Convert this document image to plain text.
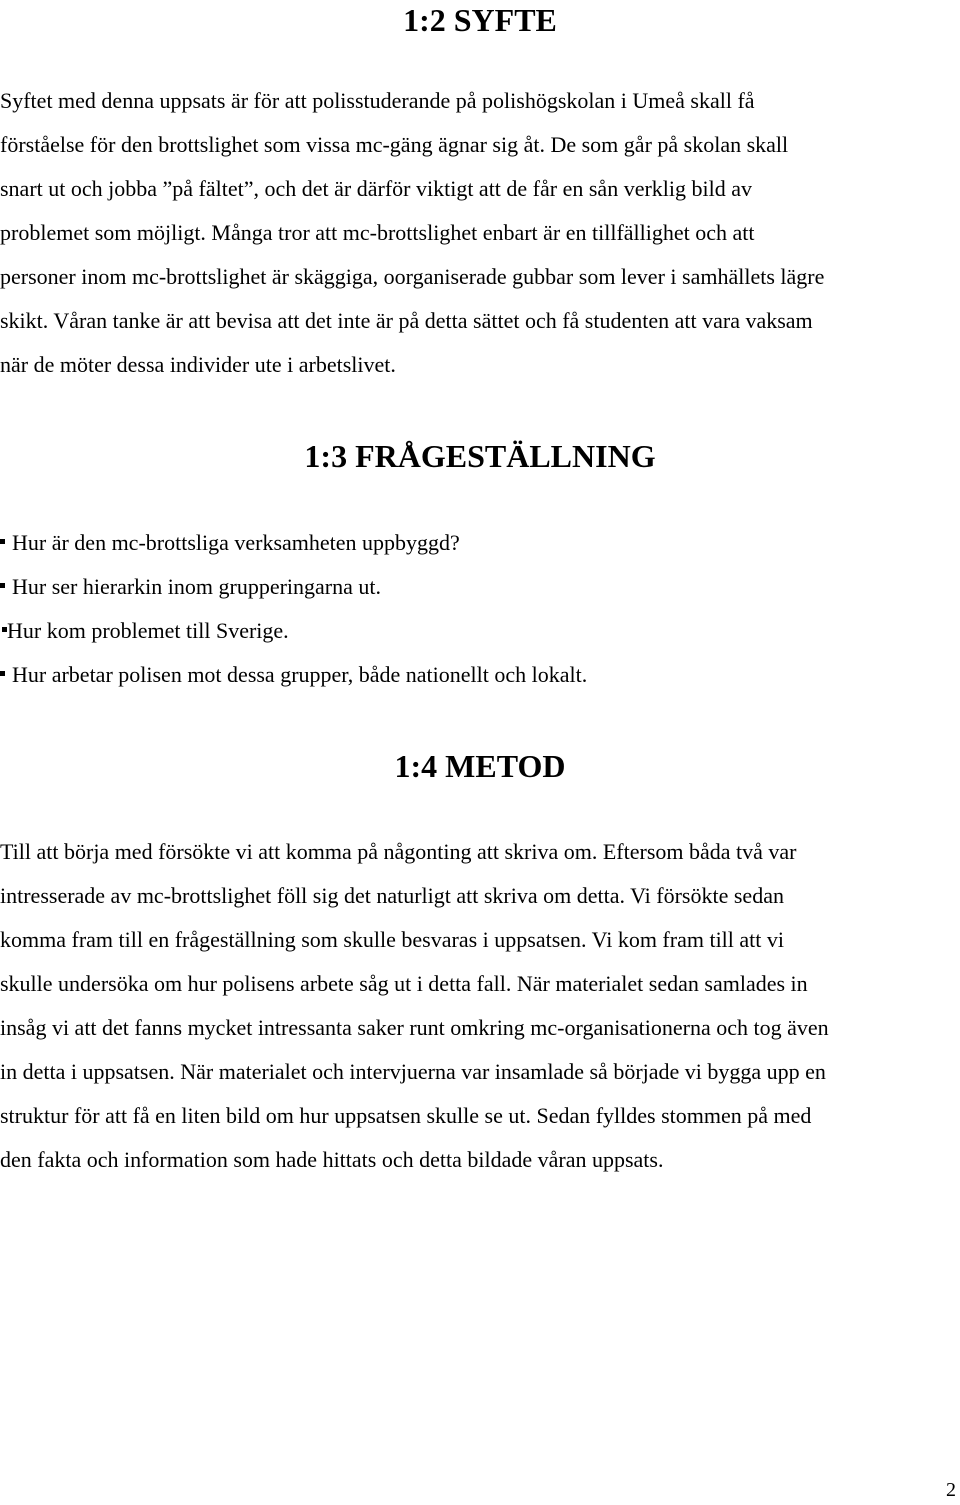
1:2 SYFTE
Syftet med denna uppsats är för att polisstuderande på polishögskolan i Umeå skall få
förståelse för den brottslighet som vissa mc-gäng ägnar sig åt. De som går på skolan skall
snart ut och jobba ”på fältet”, och det är därför viktigt att de får en sån verklig bild av
problemet som möjligt. Många tror att mc-brottslighet enbart är en tillfällighet och att
personer inom mc-brottslighet är skäggiga, oorganiserade gubbar som lever i samhällets lägre
skikt. Våran tanke är att bevisa att det inte är på detta sättet och få studenten att vara vaksam
när de möter dessa individer ute i arbetslivet.
1:3 FRÅGESTÄLLNING
Hur är den mc-brottsliga verksamheten uppbyggd?
Hur ser hierarkin inom grupperingarna ut.
Hur kom problemet till Sverige.
Hur arbetar polisen mot dessa grupper, både nationellt och lokalt.
1:4 METOD
Till att börja med försökte vi att komma på någonting att skriva om. Eftersom båda två var
intresserade av mc-brottslighet föll sig det naturligt att skriva om detta. Vi försökte sedan
komma fram till en frågeställning som skulle besvaras i uppsatsen. Vi kom fram till att vi
skulle undersöka om hur polisens arbete såg ut i detta fall. När materialet sedan samlades in
insåg vi att det fanns mycket intressanta saker runt omkring mc-organisationerna och tog även
in detta i uppsatsen. När materialet och intervjuerna var insamlade så började vi bygga upp en
struktur för att få en liten bild om hur uppsatsen skulle se ut. Sedan fylldes stommen på med
den fakta och information som hade hittats och detta bildade våran uppsats.
2
